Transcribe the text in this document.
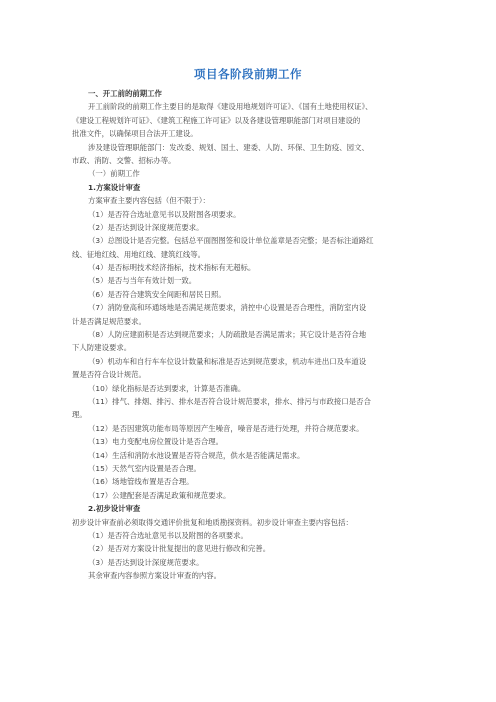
项目各阶段前期工作
一、开工前的前期工作
开工前阶段的前期工作主要目的是取得《建设用地规划许可证》、《国有土地使用权证》、
《建设工程规划许可证》、《建筑工程施工许可证》以及各建设管理职能部门对项目建设的
批准文件，以确保项目合法开工建设。
涉及建设管理职能部门：发改委、规划、国土、建委、人防、环保、卫生防疫、园文、
市政、消防、交警、招标办等。
（一）前期工作
1.方案设计审查
方案审查主要内容包括（但不限于）：
（1）是否符合选址意见书以及附图各项要求。
（2）是否达到设计深度规范要求。
（3）总图设计是否完整。包括总平面图图签和设计单位盖章是否完整；是否标注道路红
线、征地红线、用地红线、建筑红线等。
（4）是否标明技术经济指标，技术指标有无超标。
（5）是否与当年有效计划一致。
（6）是否符合建筑安全间距和居民日照。
（7）消防登高和环通场地是否满足规范要求，消控中心设置是否合理性，消防室内设
计是否满足规范要求。
（8）人防应建面积是否达到规范要求；人防疏散是否满足需求；其它设计是否符合地
下人防建设要求。
（9）机动车和自行车车位设计数量和标准是否达到规范要求，机动车进出口及车道设
置是否符合设计规范。
（10）绿化指标是否达到要求，计算是否准确。
（11）排气、排烟、排污、排水是否符合设计规范要求，排水、排污与市政接口是否合
理。
（12）是否因建筑功能布局等原因产生噪音，噪音是否进行处理，并符合规范要求。
（13）电力变配电房位置设计是否合理。
（14）生活和消防水池设置是否符合规范，供水是否能满足需求。
（15）天然气室内设置是否合理。
（16）场地管线布置是否合理。
（17）公建配套是否满足政策和规范要求。
2.初步设计审查
初步设计审查前必须取得交通评价批复和地质勘探资料。初步设计审查主要内容包括：
（1）是否符合选址意见书以及附图的各项要求。
（2）是否对方案设计批复提出的意见进行修改和完善。
（3）是否达到设计深度规范要求。
其余审查内容参照方案设计审查的内容。
